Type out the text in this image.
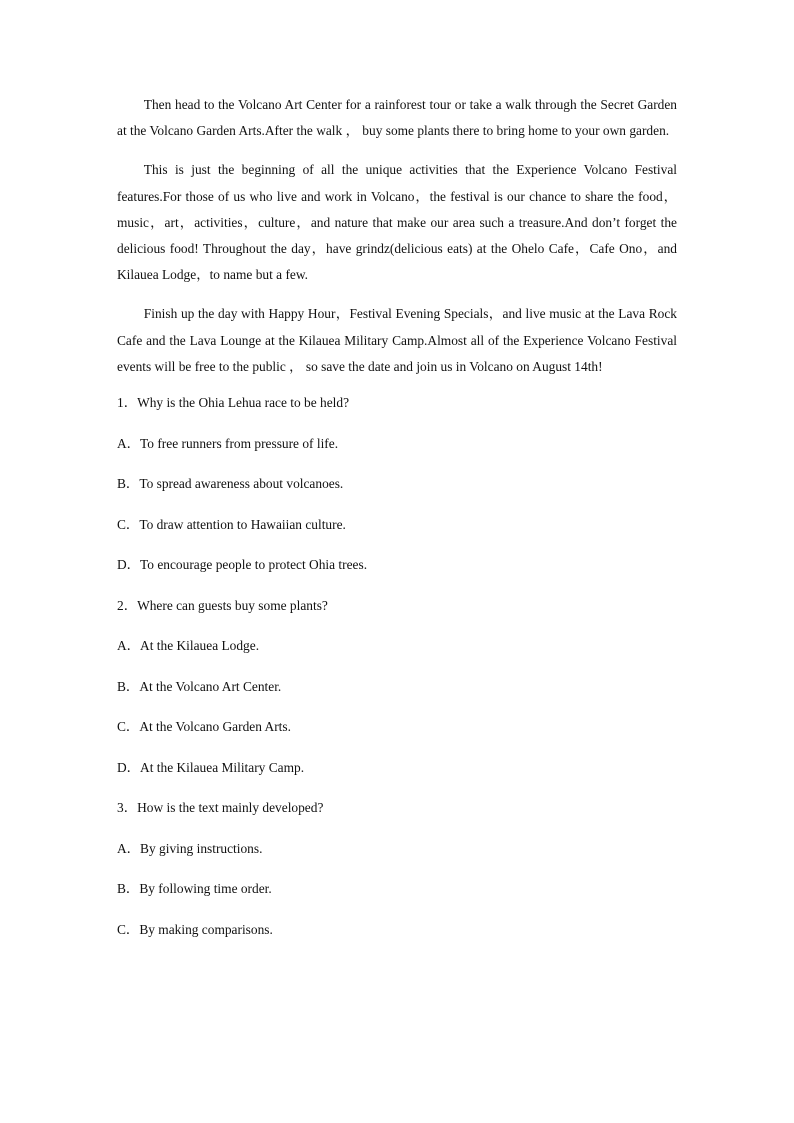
Then head to the Volcano Art Center for a rainforest tour or take a walk through the Secret Garden at the Volcano Garden Arts.After the walk ， buy some plants there to bring home to your own garden.

This is just the beginning of all the unique activities that the Experience Volcano Festival features.For those of us who live and work in Volcano，the festival is our chance to share the food，music，art，activities，culture，and nature that make our area such a treasure.And don’t forget the delicious food! Throughout the day，have grindz(delicious eats) at the Ohelo Cafe，Cafe Ono，and Kilauea Lodge，to name but a few.

Finish up the day with Happy Hour，Festival Evening Specials，and live music at the Lava Rock Cafe and the Lava Lounge at the Kilauea Military Camp.Almost all of the Experience Volcano Festival events will be free to the public ， so save the date and join us in Volcano on August 14th!

1．Why is the Ohia Lehua race to be held?

A．To free runners from pressure of life.

B．To spread awareness about volcanoes.

C．To draw attention to Hawaiian culture.

D．To encourage people to protect Ohia trees.

2．Where can guests buy some plants?

A．At the Kilauea Lodge.

B．At the Volcano Art Center.

C．At the Volcano Garden Arts.

D．At the Kilauea Military Camp.

3．How is the text mainly developed?

A．By giving instructions.

B．By following time order.

C．By making comparisons.
